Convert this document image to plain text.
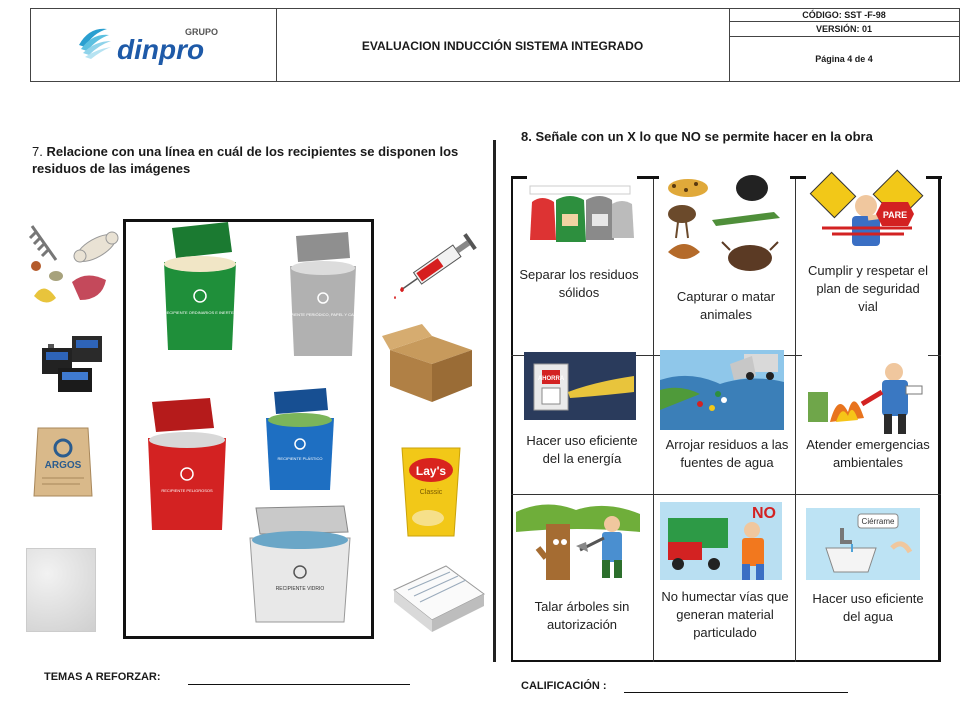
GRUPO
dinpro	EVALUACION INDUCCIÓN SISTEMA INTEGRADO
CÓDIGO: SST -F-98
VERSIÓN: 01
Página 4 de 4
7. Relacione con una línea en cuál de los recipientes se disponen los residuos de las imágenes
ARGOS
RECIPIENTE ORDINARIOS E INERTES	RECIPIENTE PERIÓDICO, PAPEL Y CARTÓN
RECIPIENTE PLÁSTICO
RECIPIENTE PELIGROSOS
RECIPIENTE VIDRIO
Lay's
Classic
8. Señale con un X lo que NO se permite hacer en la obra
Separar los residuos sólidos	Capturar o matar animales
PARE
Cumplir y respetar el plan de seguridad vial
AHORRA
Hacer uso eficiente del la energía
Arrojar residuos a las fuentes de agua
Atender emergencias ambientales
Talar árboles sin autorización
NO
No humectar vías que generan material particulado
Ciérrame
Hacer uso eficiente del agua
TEMAS A REFORZAR:
CALIFICACIÓN :
